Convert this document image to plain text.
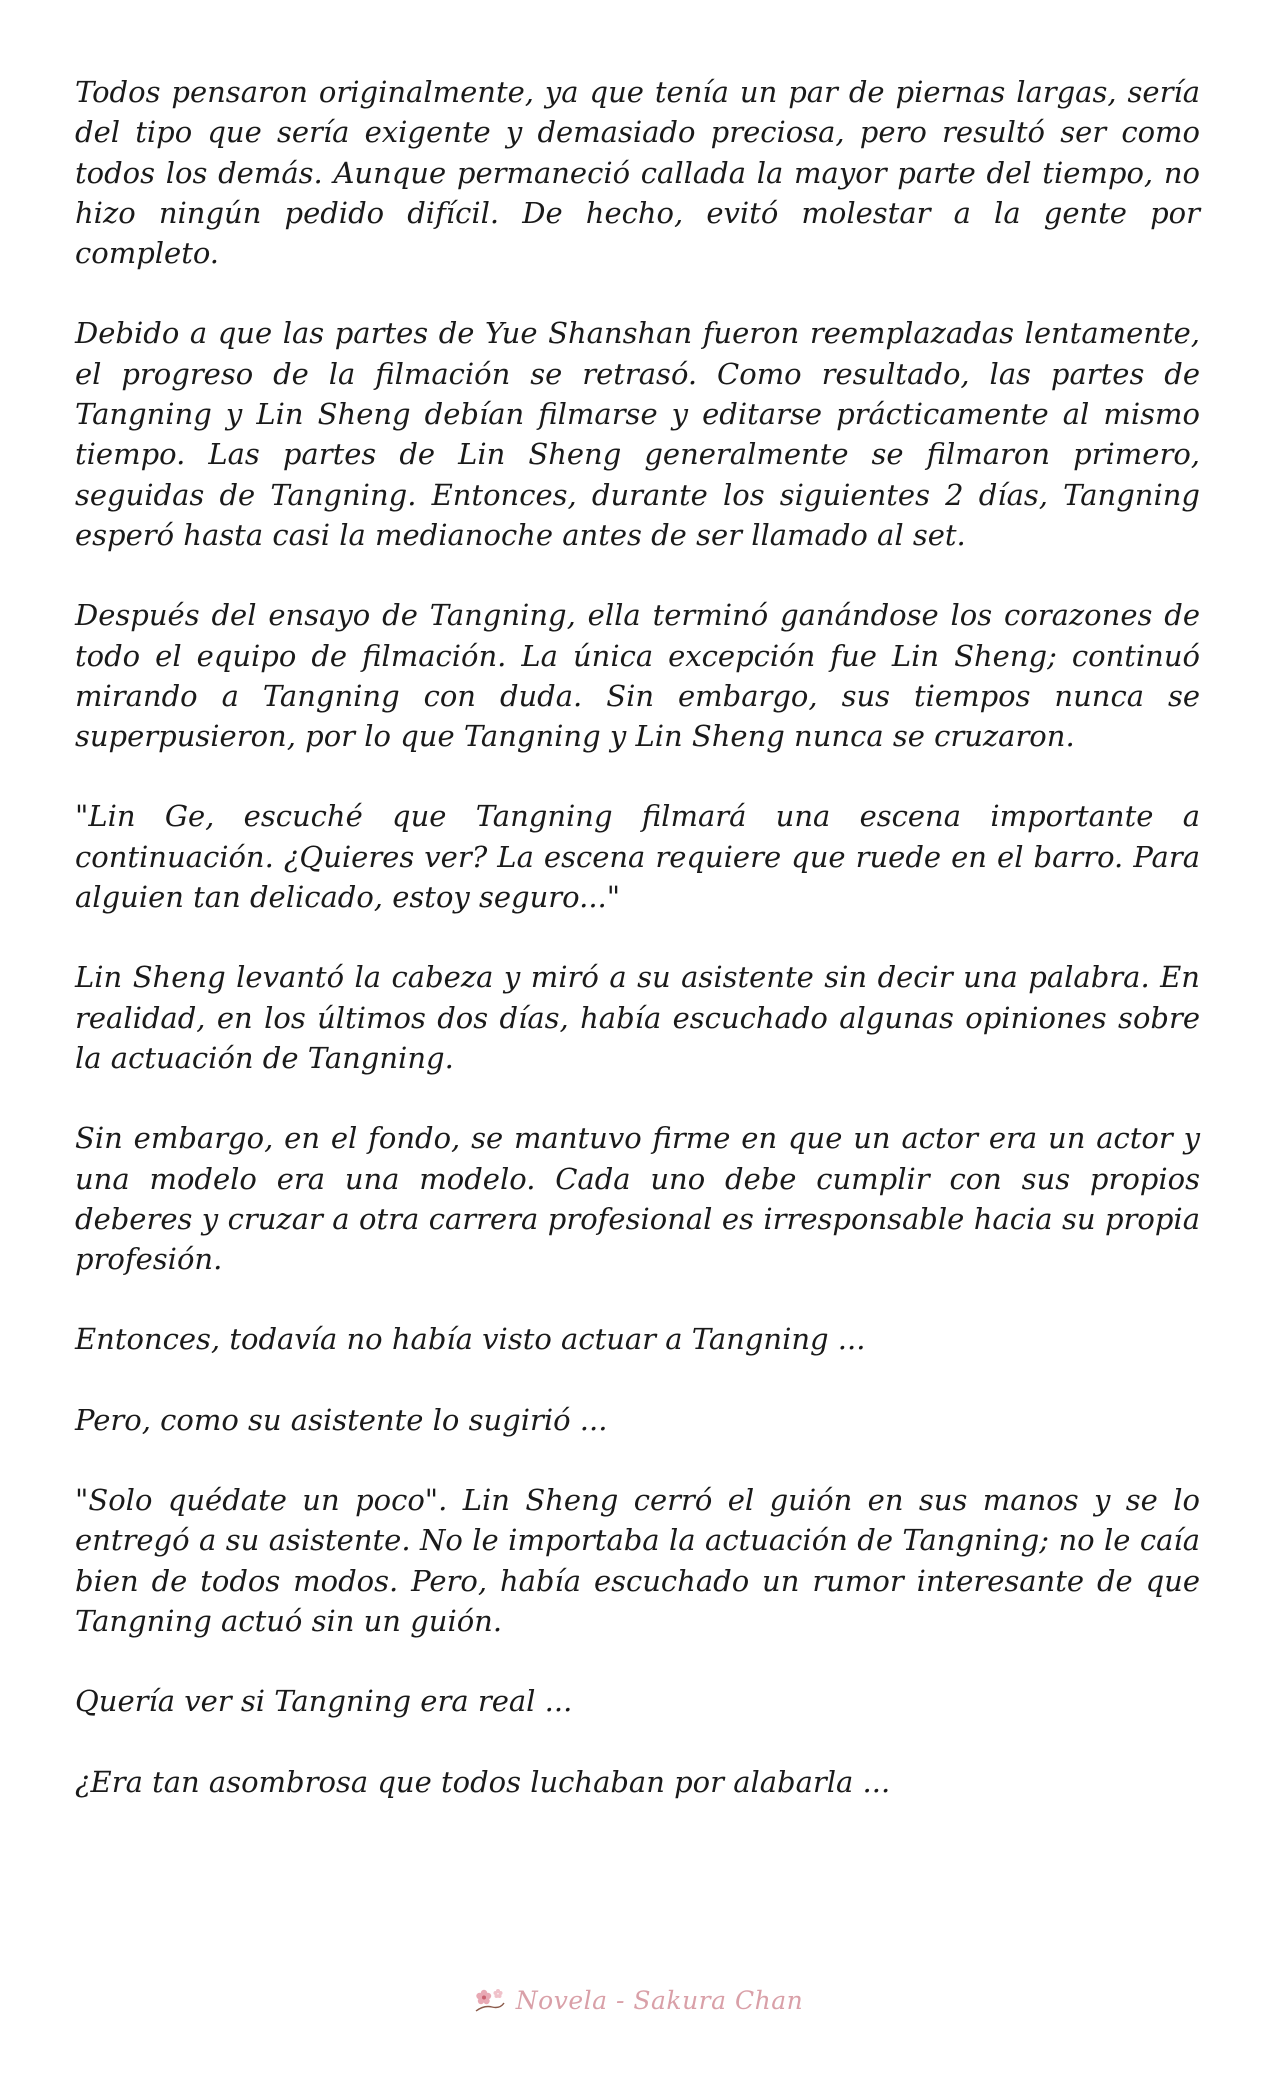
Todos pensaron originalmente, ya que tenía un par de piernas largas, sería del tipo que sería exigente y demasiado preciosa, pero resultó ser como todos los demás. Aunque permaneció callada la mayor parte del tiempo, no hizo ningún pedido difícil. De hecho, evitó molestar a la gente por completo.

Debido a que las partes de Yue Shanshan fueron reemplazadas lentamente, el progreso de la filmación se retrasó. Como resultado, las partes de Tangning y Lin Sheng debían filmarse y editarse prácticamente al mismo tiempo. Las partes de Lin Sheng generalmente se filmaron primero, seguidas de Tangning. Entonces, durante los siguientes 2 días, Tangning esperó hasta casi la medianoche antes de ser llamado al set.

Después del ensayo de Tangning, ella terminó ganándose los corazones de todo el equipo de filmación. La única excepción fue Lin Sheng; continuó mirando a Tangning con duda. Sin embargo, sus tiempos nunca se superpusieron, por lo que Tangning y Lin Sheng nunca se cruzaron.

"Lin Ge, escuché que Tangning filmará una escena importante a continuación. ¿Quieres ver? La escena requiere que ruede en el barro. Para alguien tan delicado, estoy seguro..."

Lin Sheng levantó la cabeza y miró a su asistente sin decir una palabra. En realidad, en los últimos dos días, había escuchado algunas opiniones sobre la actuación de Tangning.

Sin embargo, en el fondo, se mantuvo firme en que un actor era un actor y una modelo era una modelo. Cada uno debe cumplir con sus propios deberes y cruzar a otra carrera profesional es irresponsable hacia su propia profesión.

Entonces, todavía no había visto actuar a Tangning ...

Pero, como su asistente lo sugirió ...

"Solo quédate un poco". Lin Sheng cerró el guión en sus manos y se lo entregó a su asistente. No le importaba la actuación de Tangning; no le caía bien de todos modos. Pero, había escuchado un rumor interesante de que Tangning actuó sin un guión.

Quería ver si Tangning era real ...

¿Era tan asombrosa que todos luchaban por alabarla ...

Novela - Sakura Chan
